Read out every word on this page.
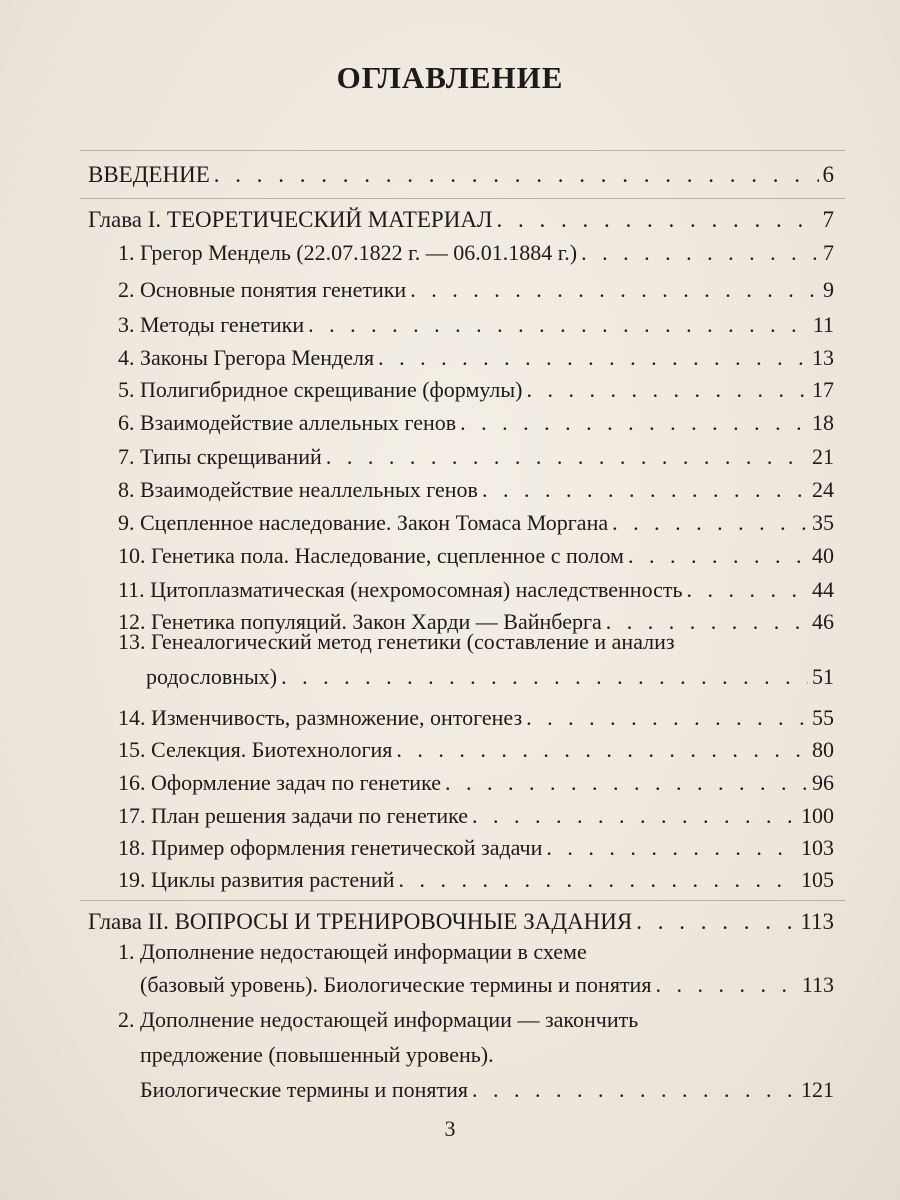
ОГЛАВЛЕНИЕ
ВВЕДЕНИЕ . . .	6
Глава I. ТЕОРЕТИЧЕСКИЙ МАТЕРИАЛ . . .	7
1. Грегор Мендель (22.07.1822 г. — 06.01.1884 г.) . . .	7
2. Основные понятия генетики . . .	9
3. Методы генетики . . .	11
4. Законы Грегора Менделя . . .	13
5. Полигибридное скрещивание (формулы) . . .	17
6. Взаимодействие аллельных генов . . .	18
7. Типы скрещиваний . . .	21
8. Взаимодействие неаллельных генов . . .	24
9. Сцепленное наследование. Закон Томаса Моргана . . .	35
10. Генетика пола. Наследование, сцепленное с полом . . .	40
11. Цитоплазматическая (нехромосомная) наследственность . . .	44
12. Генетика популяций. Закон Харди — Вайнберга . . .	46
13. Генеалогический метод генетики (составление и анализ
родословных) . . .	51
14. Изменчивость, размножение, онтогенез . . .	55
15. Селекция. Биотехнология . . .	80
16. Оформление задач по генетике . . .	96
17. План решения задачи по генетике . . .	100
18. Пример оформления генетической задачи . . .	103
19. Циклы развития растений . . .	105
Глава II. ВОПРОСЫ И ТРЕНИРОВОЧНЫЕ ЗАДАНИЯ . . .	113
1. Дополнение недостающей информации в схеме
(базовый уровень). Биологические термины и понятия . . .	113
2. Дополнение недостающей информации — закончить
предложение (повышенный уровень).
Биологические термины и понятия . . .	121
3
